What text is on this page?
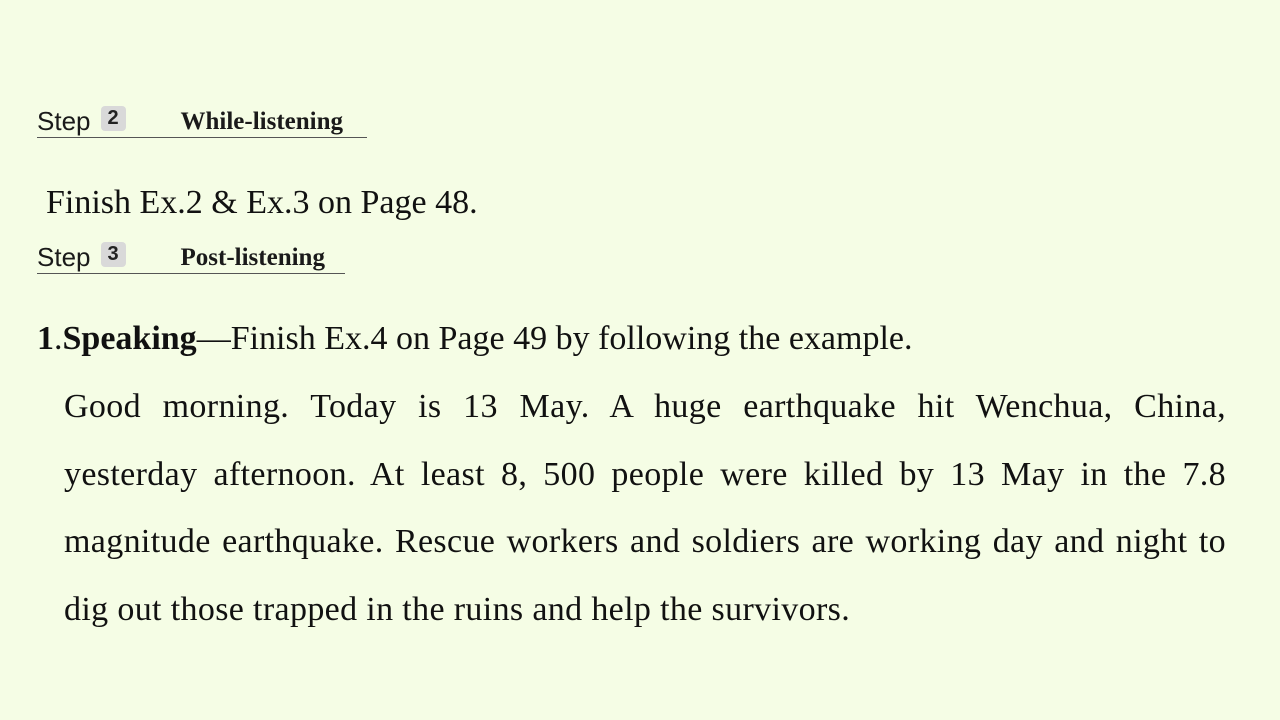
Step 2 While-listening
Finish Ex.2 & Ex.3 on Page 48.
Step 3 Post-listening
1.Speaking—Finish Ex.4 on Page 49 by following the example.
Good morning. Today is 13 May. A huge earthquake hit Wenchua, China, yesterday afternoon. At least 8, 500 people were killed by 13 May in the 7.8 magnitude earthquake. Rescue workers and soldiers are working day and night to dig out those trapped in the ruins and help the survivors.
